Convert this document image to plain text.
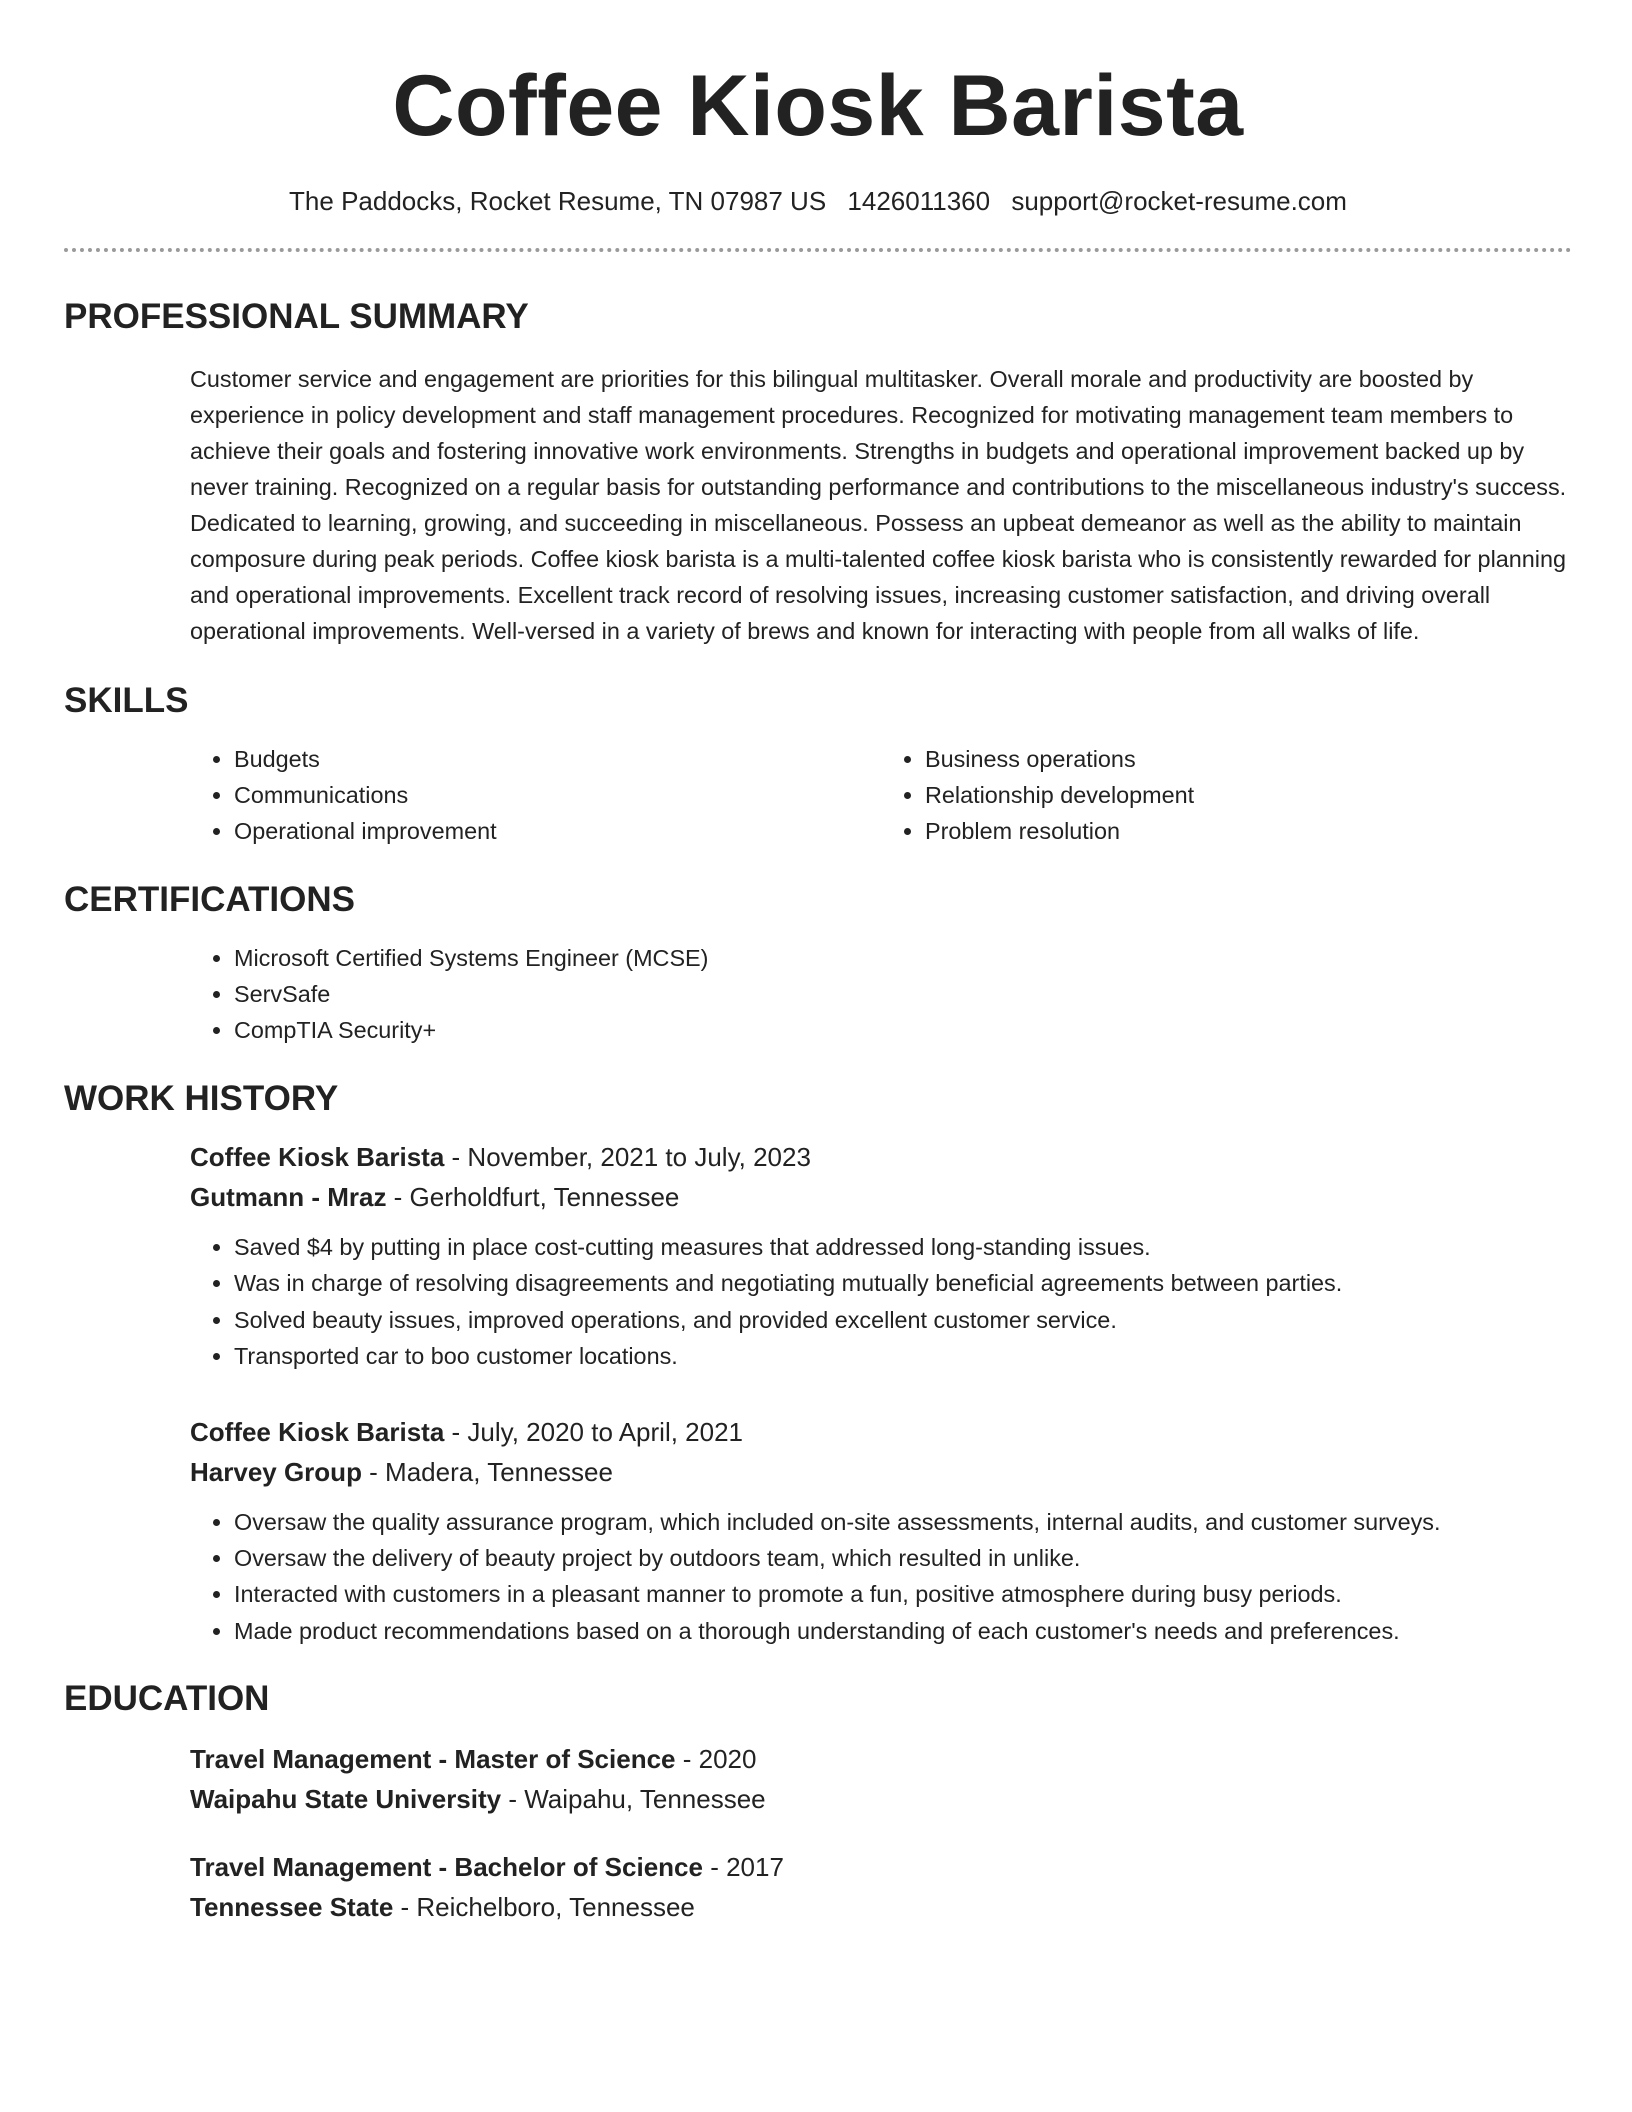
Coffee Kiosk Barista
The Paddocks, Rocket Resume, TN 07987 US 1426011360 support@rocket-resume.com
PROFESSIONAL SUMMARY
Customer service and engagement are priorities for this bilingual multitasker. Overall morale and productivity are boosted by experience in policy development and staff management procedures. Recognized for motivating management team members to achieve their goals and fostering innovative work environments. Strengths in budgets and operational improvement backed up by never training. Recognized on a regular basis for outstanding performance and contributions to the miscellaneous industry's success. Dedicated to learning, growing, and succeeding in miscellaneous. Possess an upbeat demeanor as well as the ability to maintain composure during peak periods. Coffee kiosk barista is a multi-talented coffee kiosk barista who is consistently rewarded for planning and operational improvements. Excellent track record of resolving issues, increasing customer satisfaction, and driving overall operational improvements. Well-versed in a variety of brews and known for interacting with people from all walks of life.
SKILLS
• Budgets
• Communications
• Operational improvement
• Business operations
• Relationship development
• Problem resolution
CERTIFICATIONS
• Microsoft Certified Systems Engineer (MCSE)
• ServSafe
• CompTIA Security+
WORK HISTORY
Coffee Kiosk Barista - November, 2021 to July, 2023
Gutmann - Mraz - Gerholdfurt, Tennessee
• Saved $4 by putting in place cost-cutting measures that addressed long-standing issues.
• Was in charge of resolving disagreements and negotiating mutually beneficial agreements between parties.
• Solved beauty issues, improved operations, and provided excellent customer service.
• Transported car to boo customer locations.
Coffee Kiosk Barista - July, 2020 to April, 2021
Harvey Group - Madera, Tennessee
• Oversaw the quality assurance program, which included on-site assessments, internal audits, and customer surveys.
• Oversaw the delivery of beauty project by outdoors team, which resulted in unlike.
• Interacted with customers in a pleasant manner to promote a fun, positive atmosphere during busy periods.
• Made product recommendations based on a thorough understanding of each customer's needs and preferences.
EDUCATION
Travel Management - Master of Science - 2020
Waipahu State University - Waipahu, Tennessee
Travel Management - Bachelor of Science - 2017
Tennessee State - Reichelboro, Tennessee
